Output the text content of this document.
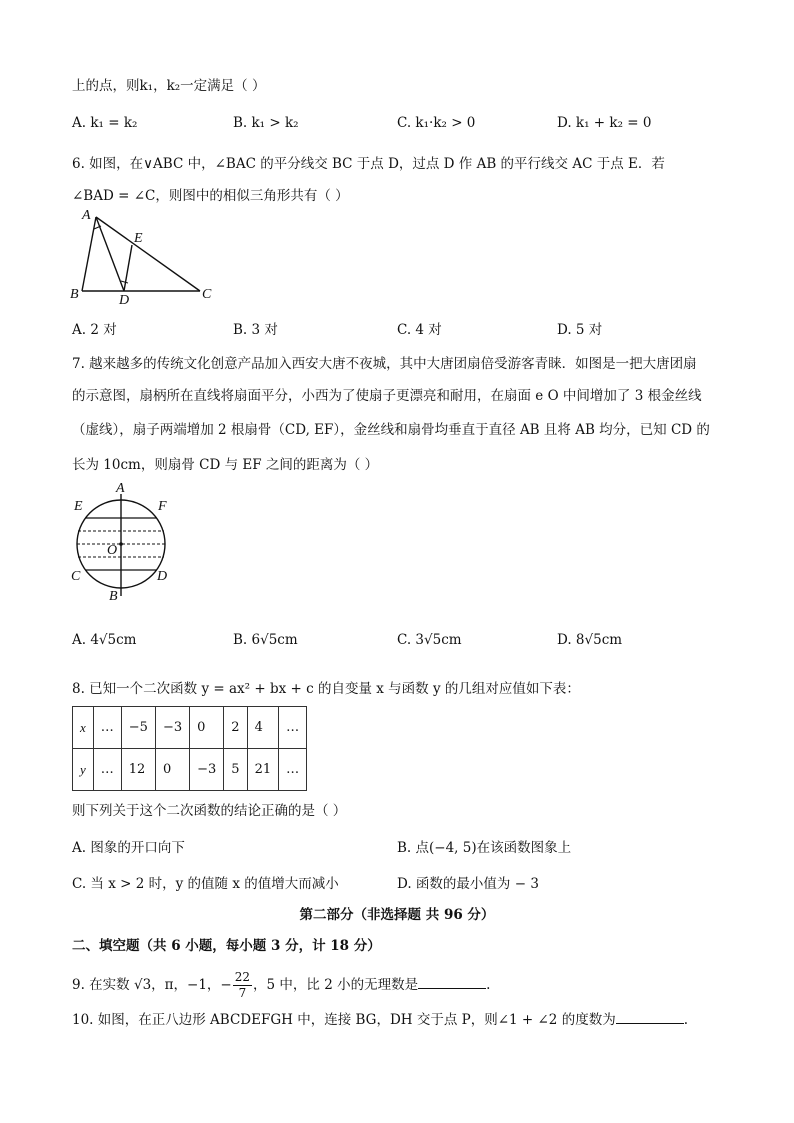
上的点，则k₁，k₂一定满足（ ）
A. k₁ = k₂	B. k₁ > k₂	C. k₁·k₂ > 0	D. k₁ + k₂ = 0
6. 如图，在∨ABC 中，∠BAC 的平分线交 BC 于点 D，过点 D 作 AB 的平行线交 AC 于点 E．若
∠BAD = ∠C，则图中的相似三角形共有（ ）
A
E
B	D	C
A. 2 对	B. 3 对	C. 4 对	D. 5 对
7. 越来越多的传统文化创意产品加入西安大唐不夜城，其中大唐团扇倍受游客青睐．如图是一把大唐团扇
的示意图，扇柄所在直线将扇面平分，小西为了使扇子更漂亮和耐用，在扇面 e O 中间增加了 3 根金丝线
（虚线），扇子两端增加 2 根扇骨（CD, EF），金丝线和扇骨均垂直于直径 AB 且将 AB 均分，已知 CD 的
长为 10cm，则扇骨 CD 与 EF 之间的距离为（ ）
A
E	F
O
C	D
B
A. 4√5cm	B. 6√5cm	C. 3√5cm	D. 8√5cm
8. 已知一个二次函数 y = ax² + bx + c 的自变量 x 与函数 y 的几组对应值如下表：
x	…	−5	−3	0	2	4	…
y	…	12	0	−3	5	21	…
则下列关于这个二次函数的结论正确的是（ ）
A. 图象的开口向下	B. 点(−4, 5)在该函数图象上
C. 当 x > 2 时，y 的值随 x 的值增大而减小	D. 函数的最小值为 − 3
第二部分（非选择题 共 96 分）
二、填空题（共 6 小题，每小题 3 分，计 18 分）
9. 在实数 √3，π，−1，− $\frac{22}{7}$ ，5 中，比 2 小的无理数是	.
10. 如图，在正八边形 ABCDEFGH 中，连接 BG，DH 交于点 P，则∠1 + ∠2 的度数为	.
